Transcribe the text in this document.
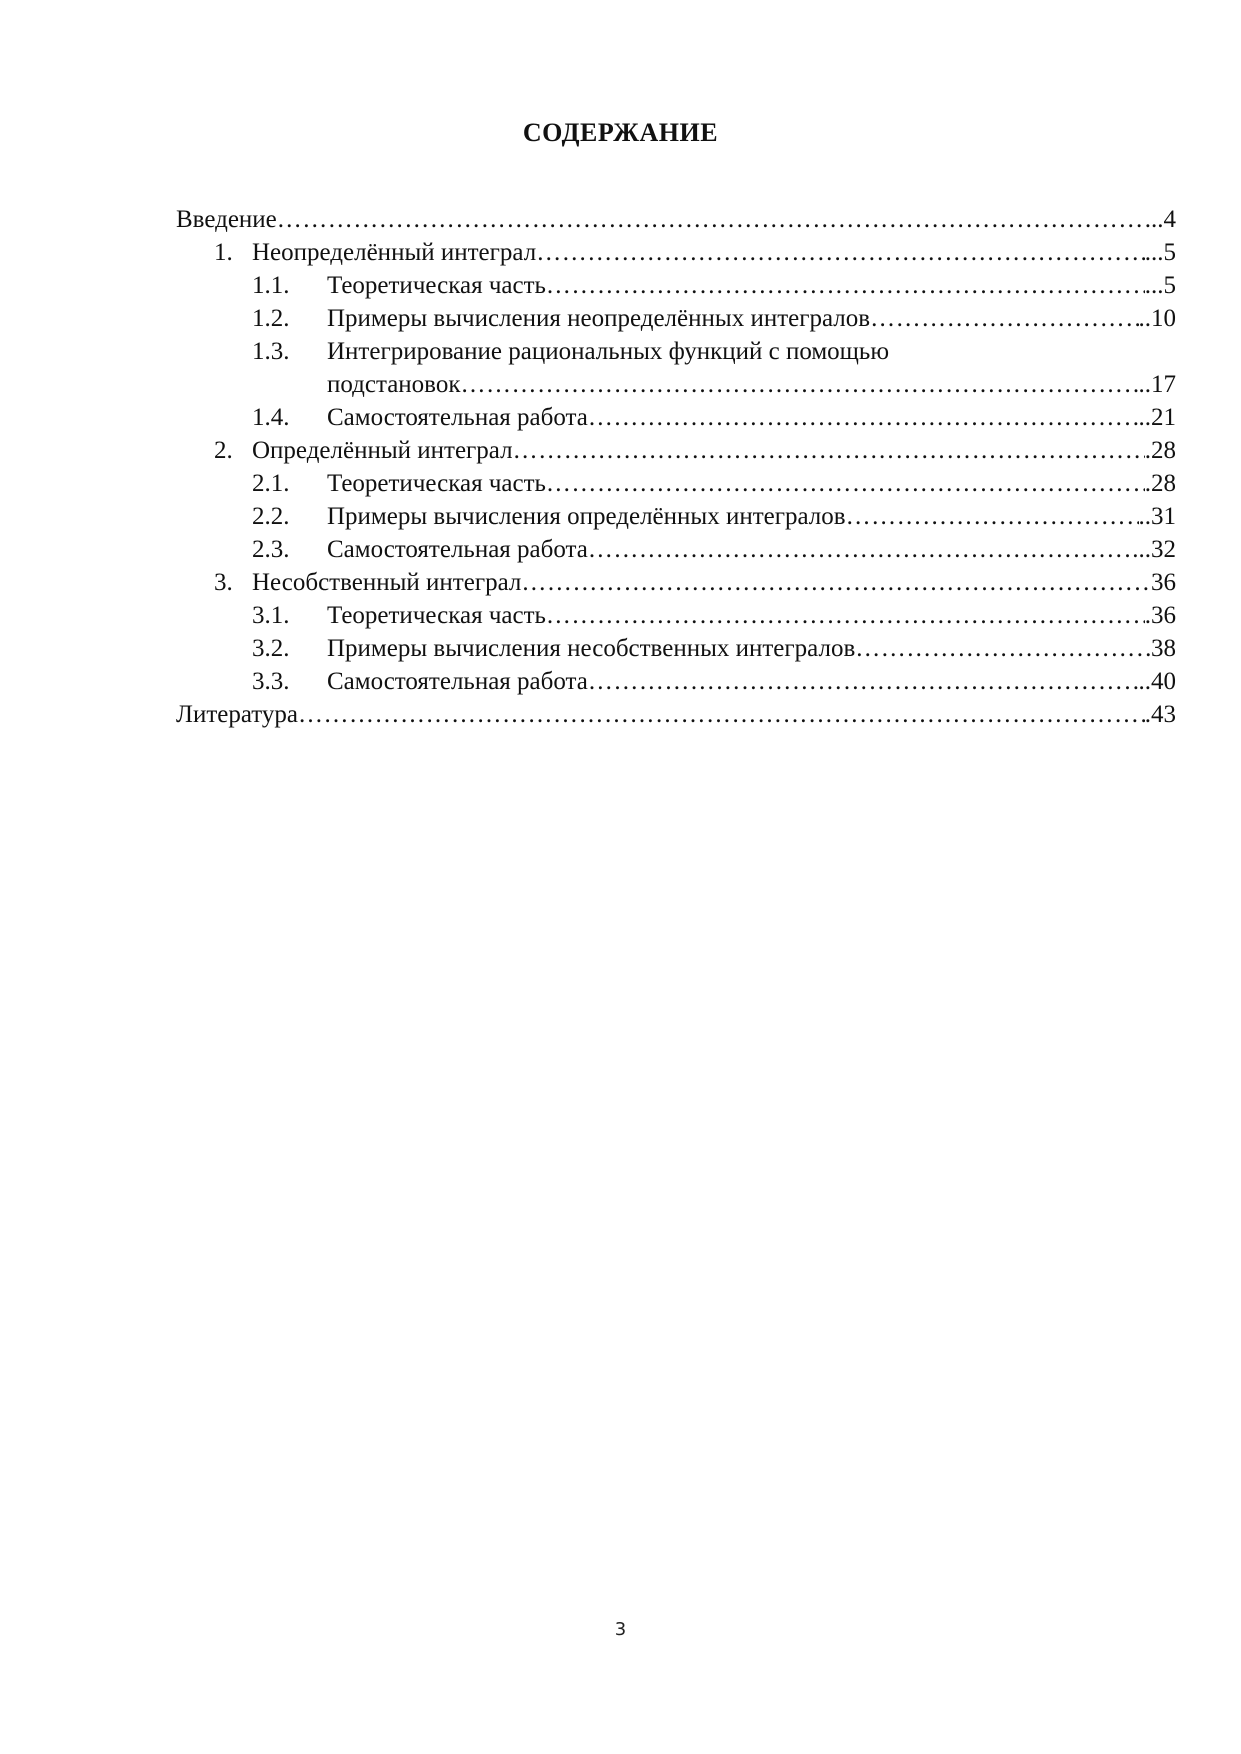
СОДЕРЖАНИЕ
Введение ……………………………………………………………………………………………………………………………………………………	.. 4
1. Неопределённый интеграл ……………………………………………………………………………………………………………………………………………………	... 5
1.1.	Теоретическая часть ……………………………………………………………………………………………………………………………………………………	... 5
1.2.	Примеры вычисления неопределённых интегралов ……………………………………………………………………………………………………………………………………………………	.. 10
1.3.	Интегрирование рациональных функций с помощью
подстановок ……………………………………………………………………………………………………………………………………………………	.. 17
1.4.	Самостоятельная работа ……………………………………………………………………………………………………………………………………………………	.. 21
2. Определённый интеграл ……………………………………………………………………………………………………………………………………………………	. 28
2.1.	Теоретическая часть ……………………………………………………………………………………………………………………………………………………	. 28
2.2.	Примеры вычисления определённых интегралов ……………………………………………………………………………………………………………………………………………………	.. 31
2.3.	Самостоятельная работа ……………………………………………………………………………………………………………………………………………………	... 32
3. Несобственный интеграл ……………………………………………………………………………………………………………………………………………………	36
3.1.	Теоретическая часть ……………………………………………………………………………………………………………………………………………………	. 36
3.2.	Примеры вычисления несобственных интегралов ……………………………………………………………………………………………………………………………………………………	38
3.3.	Самостоятельная работа ……………………………………………………………………………………………………………………………………………………	.. 40
Литература ……………………………………………………………………………………………………………………………………………………	. 43
3
